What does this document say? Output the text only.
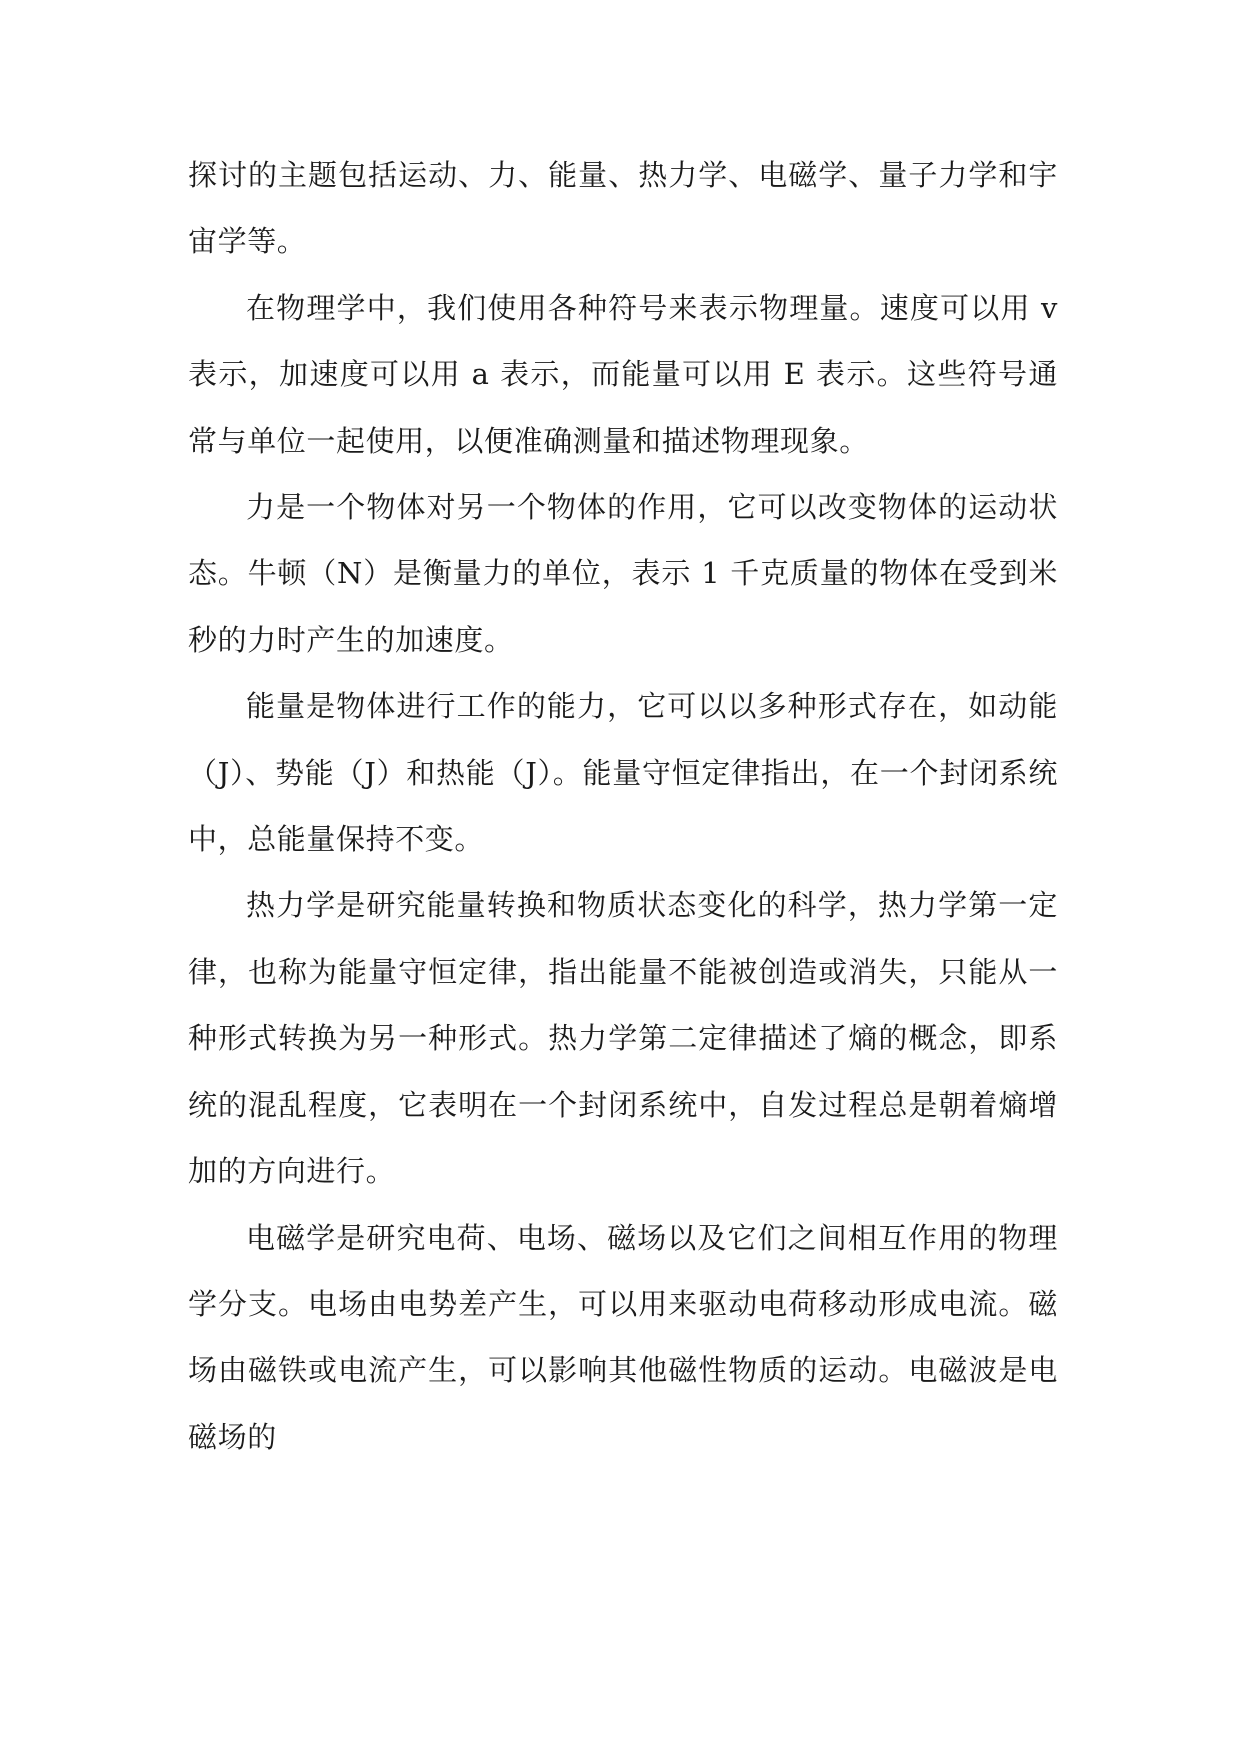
探讨的主题包括运动、力、能量、热力学、电磁学、量子力学和宇宙学等。

在物理学中，我们使用各种符号来表示物理量。速度可以用 v 表示，加速度可以用 a 表示，而能量可以用 E 表示。这些符号通常与单位一起使用，以便准确测量和描述物理现象。

力是一个物体对另一个物体的作用，它可以改变物体的运动状态。牛顿（N）是衡量力的单位，表示 1 千克质量的物体在受到米秒的力时产生的加速度。

能量是物体进行工作的能力，它可以以多种形式存在，如动能（J）、势能（J）和热能（J）。能量守恒定律指出，在一个封闭系统中，总能量保持不变。

热力学是研究能量转换和物质状态变化的科学，热力学第一定律，也称为能量守恒定律，指出能量不能被创造或消失，只能从一种形式转换为另一种形式。热力学第二定律描述了熵的概念，即系统的混乱程度，它表明在一个封闭系统中，自发过程总是朝着熵增加的方向进行。

电磁学是研究电荷、电场、磁场以及它们之间相互作用的物理学分支。电场由电势差产生，可以用来驱动电荷移动形成电流。磁场由磁铁或电流产生，可以影响其他磁性物质的运动。电磁波是电磁场的
